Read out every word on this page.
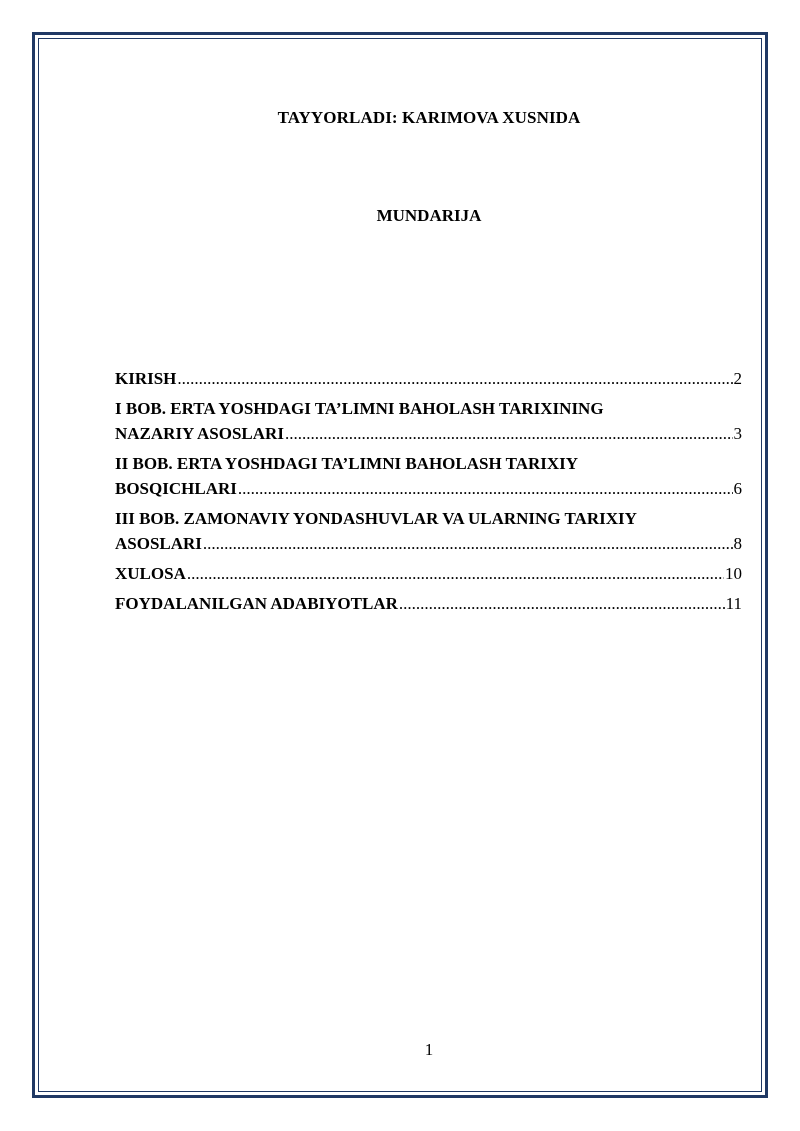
TAYYORLADI: KARIMOVA XUSNIDA
MUNDARIJA
KIRISH .....	2
I BOB. ERTA YOSHDAGI TA’LIMNI BAHOLASH TARIXINING
NAZARIY ASOSLARI .....	3
II BOB. ERTA YOSHDAGI TA’LIMNI BAHOLASH TARIXIY
BOSQICHLARI .....	6
III BOB. ZAMONAVIY YONDASHUVLAR VA ULARNING TARIXIY
ASOSLARI .....	8
XULOSA .....	10
FOYDALANILGAN ADABIYOTLAR .....	11
1
